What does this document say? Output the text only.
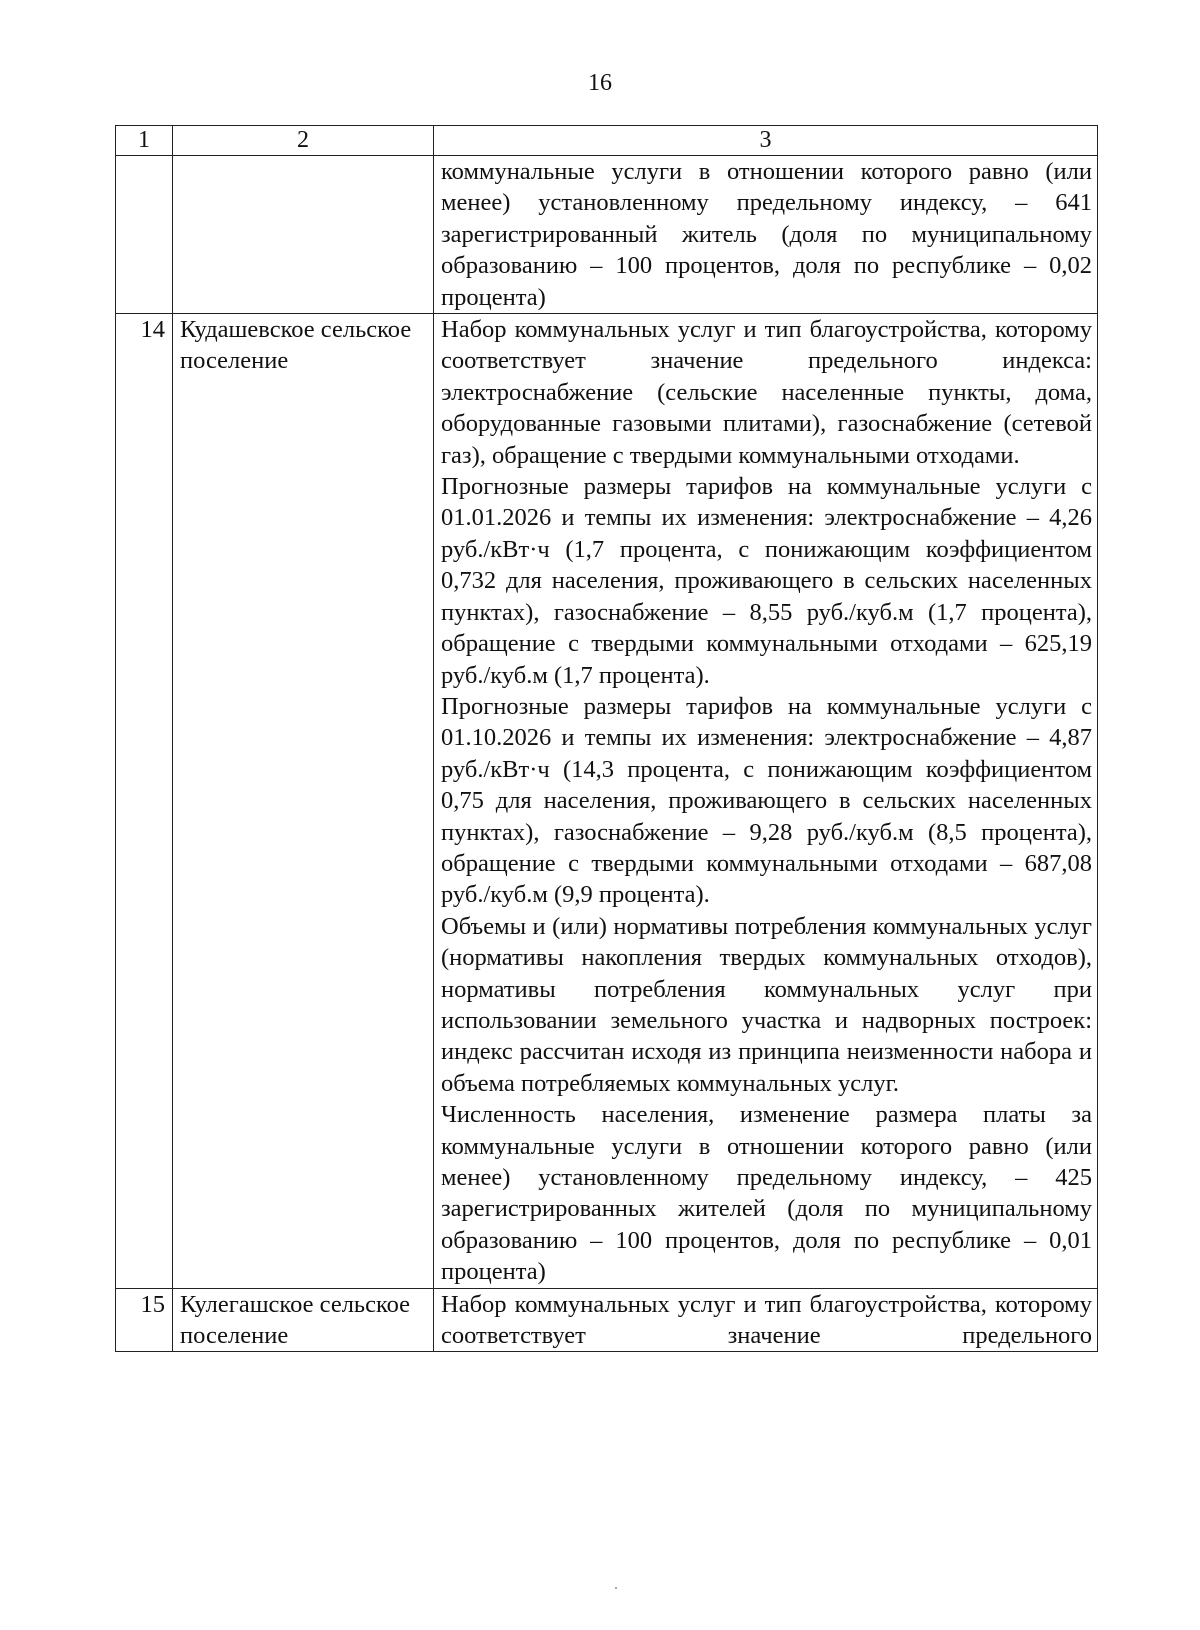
16
1	2	3

		коммунальные услуги в отношении которого равно (или менее) установленному предельному индексу, – 641 зарегистрированный житель (доля по муниципальному образованию – 100 процентов, доля по республике – 0,02 процента)

14	Кудашевское сельское поселение	Набор коммунальных услуг и тип благоустройства, которому соответствует значение предельного индекса: электроснабжение (сельские населенные пункты, дома, оборудованные газовыми плитами), газоснабжение (сетевой газ), обращение с твердыми коммунальными отходами.

Прогнозные размеры тарифов на коммунальные услуги с 01.01.2026 и темпы их изменения: электроснабжение – 4,26 руб./кВт·ч (1,7 процента, с понижающим коэффициентом 0,732 для населения, проживающего в сельских населенных пунктах), газоснабжение – 8,55 руб./куб.м (1,7 процента), обращение с твердыми коммунальными отходами – 625,19 руб./куб.м (1,7 процента).

Прогнозные размеры тарифов на коммунальные услуги с 01.10.2026 и темпы их изменения: электроснабжение – 4,87 руб./кВт·ч (14,3 процента, с понижающим коэффициентом 0,75 для населения, проживающего в сельских населенных пунктах), газоснабжение – 9,28 руб./куб.м (8,5 процента), обращение с твердыми коммунальными отходами – 687,08 руб./куб.м (9,9 процента).

Объемы и (или) нормативы потребления коммунальных услуг (нормативы накопления твердых коммунальных отходов), нормативы потребления коммунальных услуг при использовании земельного участка и надворных построек: индекс рассчитан исходя из принципа неизменности набора и объема потребляемых коммунальных услуг.

Численность населения, изменение размера платы за коммунальные услуги в отношении которого равно (или менее) установленному предельному индексу, – 425 зарегистрированных жителей (доля по муниципальному образованию – 100 процентов, доля по республике – 0,01 процента)

15	Кулегашское сельское поселение	Набор коммунальных услуг и тип благоустройства, которому соответствует значение предельного
